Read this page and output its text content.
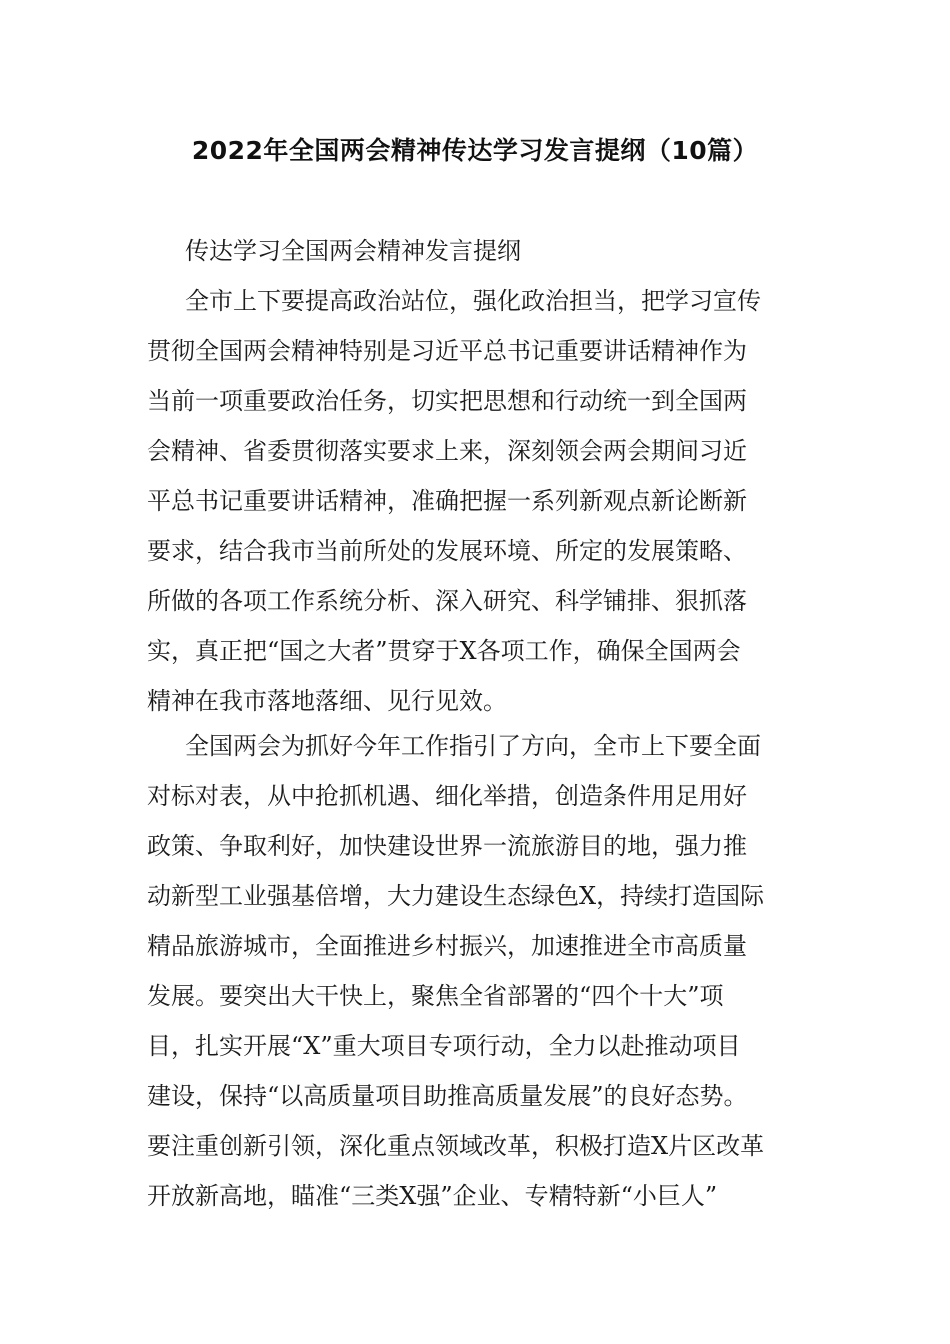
2022年全国两会精神传达学习发言提纲（10篇）
传达学习全国两会精神发言提纲
全市上下要提高政治站位，强化政治担当，把学习宣传
贯彻全国两会精神特别是习近平总书记重要讲话精神作为
当前一项重要政治任务，切实把思想和行动统一到全国两
会精神、省委贯彻落实要求上来，深刻领会两会期间习近
平总书记重要讲话精神，准确把握一系列新观点新论断新
要求，结合我市当前所处的发展环境、所定的发展策略、
所做的各项工作系统分析、深入研究、科学铺排、狠抓落
实，真正把“国之大者”贯穿于X各项工作，确保全国两会
精神在我市落地落细、见行见效。
全国两会为抓好今年工作指引了方向，全市上下要全面
对标对表，从中抢抓机遇、细化举措，创造条件用足用好
政策、争取利好，加快建设世界一流旅游目的地，强力推
动新型工业强基倍增，大力建设生态绿色X，持续打造国际
精品旅游城市，全面推进乡村振兴，加速推进全市高质量
发展。要突出大干快上，聚焦全省部署的“四个十大”项
目，扎实开展“X”重大项目专项行动，全力以赴推动项目
建设，保持“以高质量项目助推高质量发展”的良好态势。
要注重创新引领，深化重点领域改革，积极打造X片区改革
开放新高地，瞄准“三类X强”企业、专精特新“小巨人”
